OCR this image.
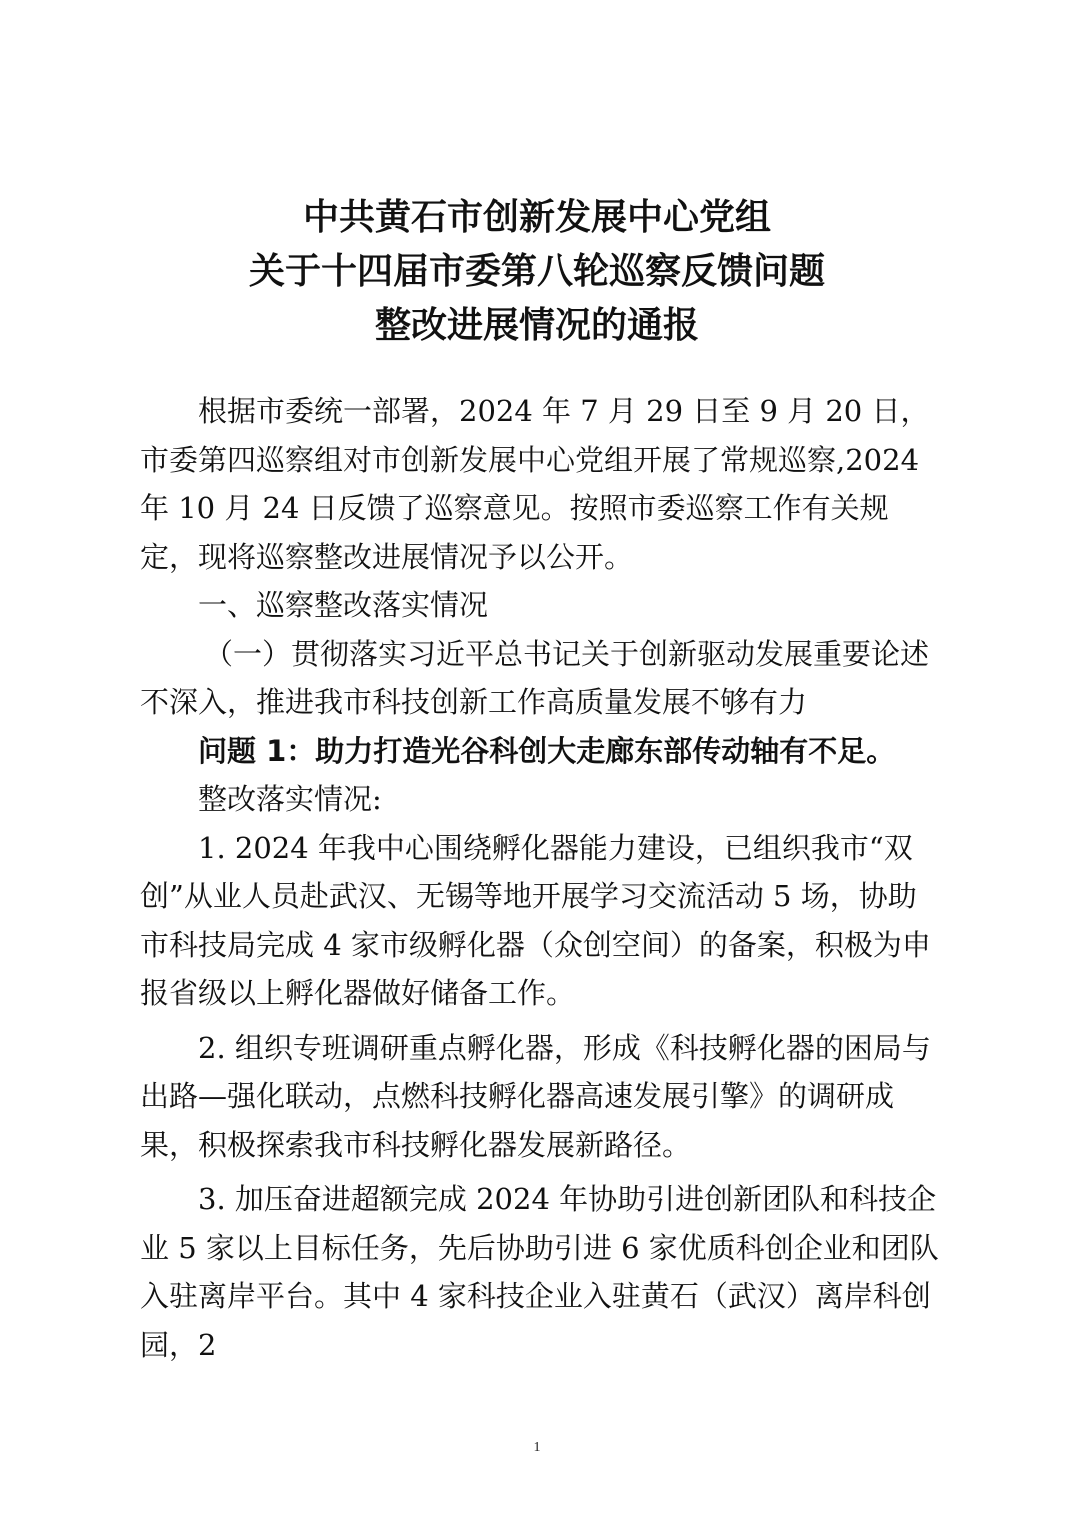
中共黄石市创新发展中心党组
关于十四届市委第八轮巡察反馈问题
整改进展情况的通报

根据市委统一部署，2024 年 7 月 29 日至 9 月 20 日，市委第四巡察组对市创新发展中心党组开展了常规巡察,2024 年 10 月 24 日反馈了巡察意见。按照市委巡察工作有关规定，现将巡察整改进展情况予以公开。

一、巡察整改落实情况

（一）贯彻落实习近平总书记关于创新驱动发展重要论述不深入，推进我市科技创新工作高质量发展不够有力

问题 1：助力打造光谷科创大走廊东部传动轴有不足。

整改落实情况:

1. 2024 年我中心围绕孵化器能力建设，已组织我市“双创”从业人员赴武汉、无锡等地开展学习交流活动 5 场，协助市科技局完成 4 家市级孵化器（众创空间）的备案，积极为申报省级以上孵化器做好储备工作。

2. 组织专班调研重点孵化器，形成《科技孵化器的困局与出路—强化联动，点燃科技孵化器高速发展引擎》的调研成果，积极探索我市科技孵化器发展新路径。

3. 加压奋进超额完成 2024 年协助引进创新团队和科技企业 5 家以上目标任务，先后协助引进 6 家优质科创企业和团队入驻离岸平台。其中 4 家科技企业入驻黄石（武汉）离岸科创园，2

1
